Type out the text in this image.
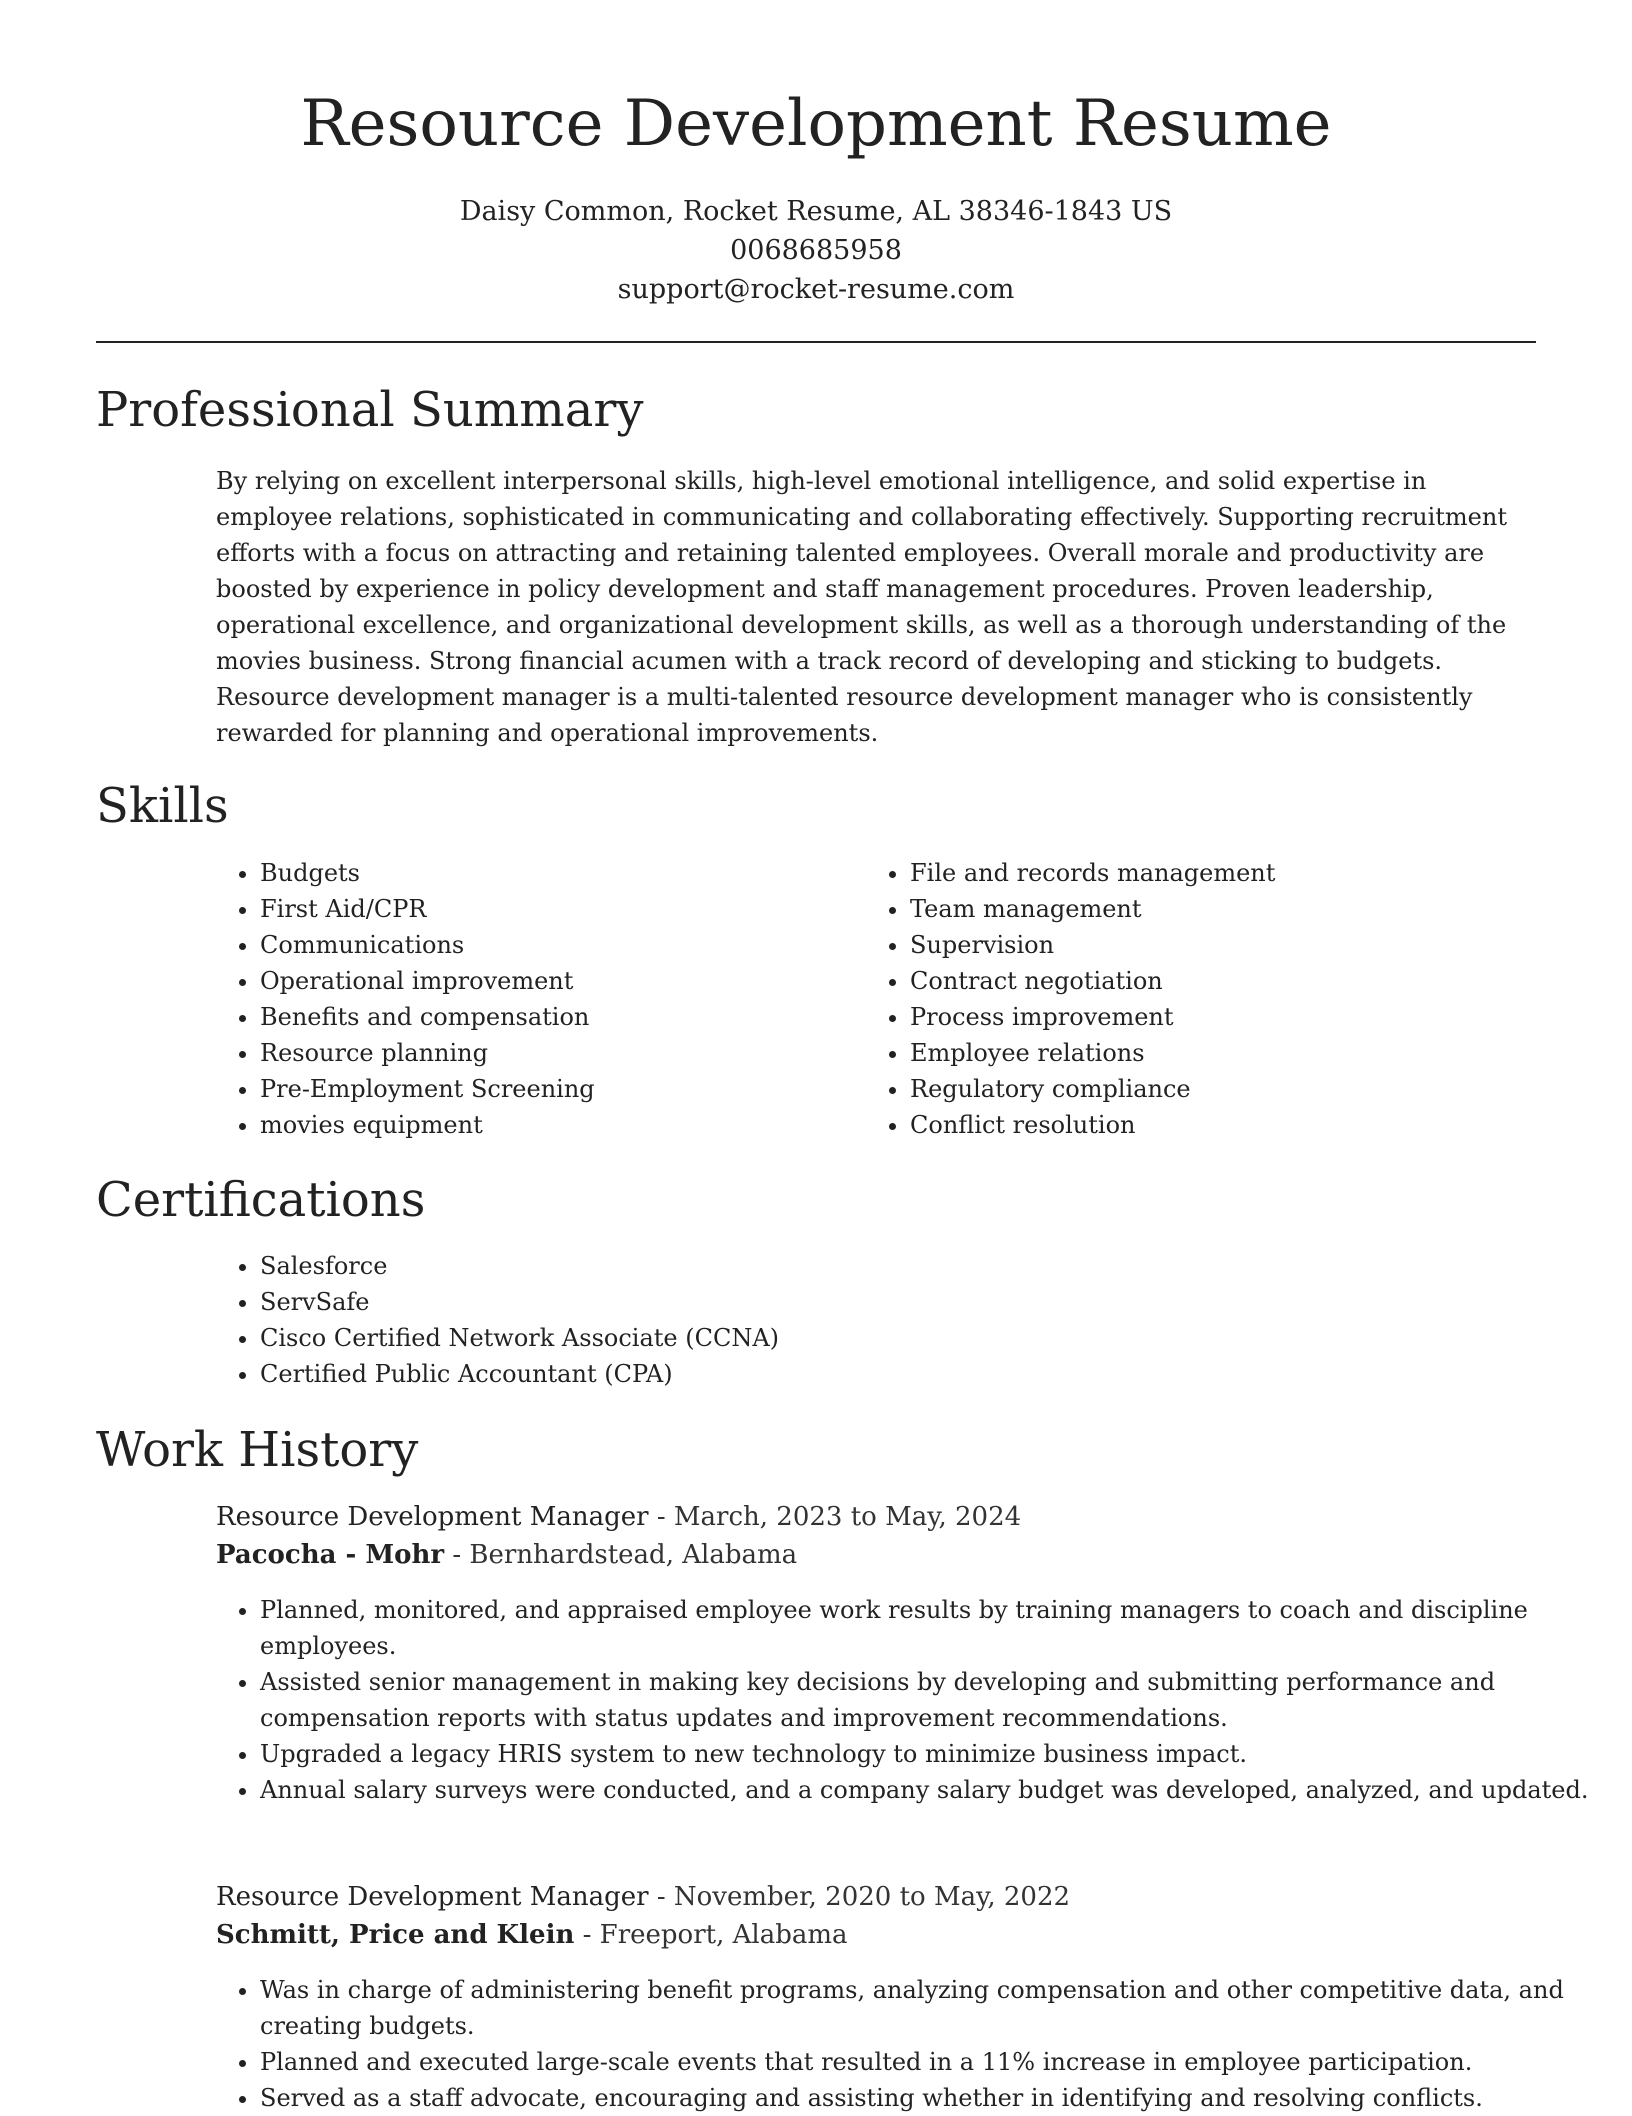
Resource Development Resume
Daisy Common, Rocket Resume, AL 38346-1843 US
0068685958
support@rocket-resume.com
Professional Summary

By relying on excellent interpersonal skills, high-level emotional intelligence, and solid expertise in employee relations, sophisticated in communicating and collaborating effectively. Supporting recruitment efforts with a focus on attracting and retaining talented employees. Overall morale and productivity are boosted by experience in policy development and staff management procedures. Proven leadership, operational excellence, and organizational development skills, as well as a thorough understanding of the movies business. Strong financial acumen with a track record of developing and sticking to budgets. Resource development manager is a multi-talented resource development manager who is consistently rewarded for planning and operational improvements.

Skills
• Budgets
• First Aid/CPR
• Communications
• Operational improvement
• Benefits and compensation
• Resource planning
• Pre-Employment Screening
• movies equipment
• File and records management
• Team management
• Supervision
• Contract negotiation
• Process improvement
• Employee relations
• Regulatory compliance
• Conflict resolution
Certifications
• Salesforce
• ServSafe
• Cisco Certified Network Associate (CCNA)
• Certified Public Accountant (CPA)
Work History
Resource Development Manager - March, 2023 to May, 2024
Pacocha - Mohr - Bernhardstead, Alabama
• Planned, monitored, and appraised employee work results by training managers to coach and discipline employees.
• Assisted senior management in making key decisions by developing and submitting performance and compensation reports with status updates and improvement recommendations.
• Upgraded a legacy HRIS system to new technology to minimize business impact.
• Annual salary surveys were conducted, and a company salary budget was developed, analyzed, and updated.
Resource Development Manager - November, 2020 to May, 2022
Schmitt, Price and Klein - Freeport, Alabama
• Was in charge of administering benefit programs, analyzing compensation and other competitive data, and creating budgets.
• Planned and executed large-scale events that resulted in a 11% increase in employee participation.
• Served as a staff advocate, encouraging and assisting whether in identifying and resolving conflicts.
